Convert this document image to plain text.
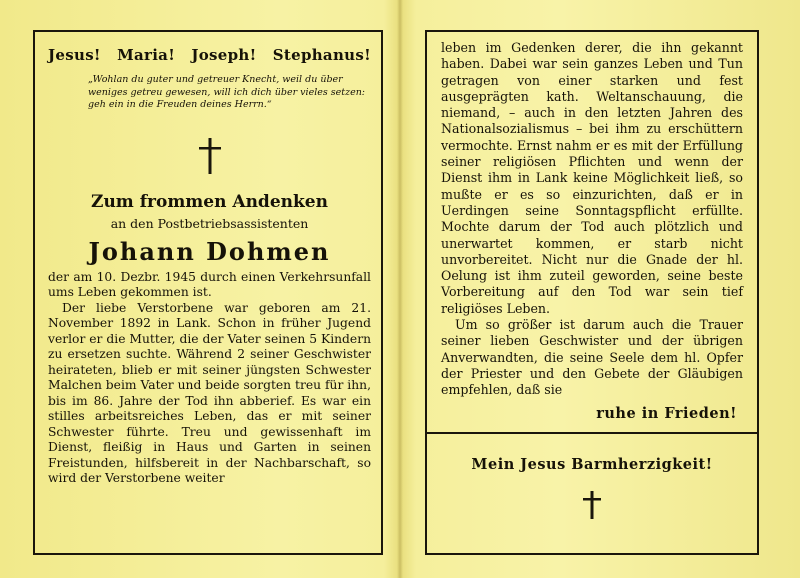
Jesus! Maria! Joseph! Stephanus!
„Wohlan du guter und getreuer Knecht, weil du über weniges getreu gewesen, will ich dich über vieles setzen: geh ein in die Freuden deines Herrn.“
Zum frommen Andenken
an den Postbetriebsassistenten
Johann Dohmen

der am 10. Dezbr. 1945 durch einen Verkehrsunfall ums Leben gekommen ist.

Der liebe Verstorbene war geboren am 21. November 1892 in Lank. Schon in früher Jugend verlor er die Mutter, die der Vater seinen 5 Kindern zu ersetzen suchte. Während 2 seiner Geschwister heirateten, blieb er mit seiner jüngsten Schwester Malchen beim Vater und beide sorgten treu für ihn, bis im 86. Jahre der Tod ihn abberief. Es war ein stilles arbeitsreiches Leben, das er mit seiner Schwester führte. Treu und gewissenhaft im Dienst, fleißig in Haus und Garten in seinen Freistunden, hilfsbereit in der Nachbarschaft, so wird der Verstorbene weiter

leben im Gedenken derer, die ihn gekannt haben. Dabei war sein ganzes Leben und Tun getragen von einer starken und fest ausgeprägten kath. Weltanschauung, die niemand, – auch in den letzten Jahren des Nationalsozialismus – bei ihm zu erschüttern vermochte. Ernst nahm er es mit der Erfüllung seiner religiösen Pflichten und wenn der Dienst ihm in Lank keine Möglichkeit ließ, so mußte er es so einzurichten, daß er in Uerdingen seine Sonntagspflicht erfüllte. Mochte darum der Tod auch plötzlich und unerwartet kommen, er starb nicht unvorbereitet. Nicht nur die Gnade der hl. Oelung ist ihm zuteil geworden, seine beste Vorbereitung auf den Tod war sein tief religiöses Leben.

Um so größer ist darum auch die Trauer seiner lieben Geschwister und der übrigen Anverwandten, die seine Seele dem hl. Opfer der Priester und den Gebete der Gläubigen empfehlen, daß sie

ruhe in Frieden!
Mein Jesus Barmherzigkeit!
